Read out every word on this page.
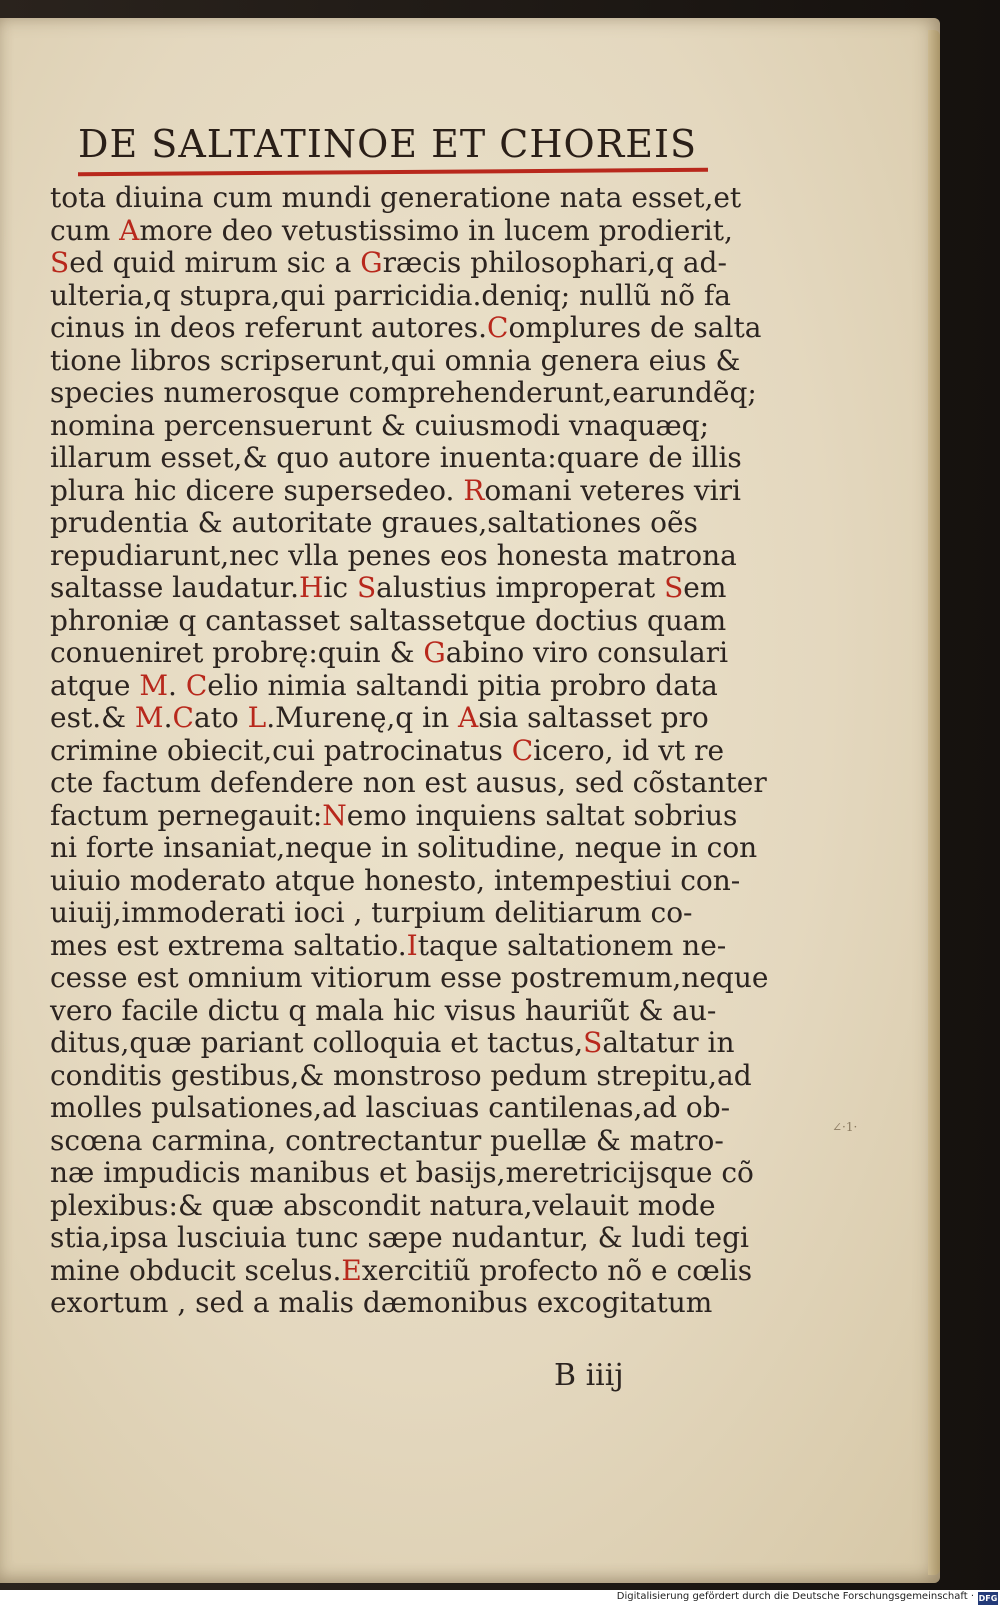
DE SALTATINOE ET CHOREIS
tota diuina cum mundi generatione nata esset,et
cum Amore deo vetustissimo in lucem prodierit,
Sed quid mirum sic a Græcis philosophari,q ad-
ulteria,q stupra,qui parricidia.deniq; nullũ nõ fa
cinus in deos referunt autores.Complures de salta
tione libros scripserunt,qui omnia genera eius &
species numerosque comprehenderunt,earundẽq;
nomina percensuerunt & cuiusmodi vnaquæq;
illarum esset,& quo autore inuenta:quare de illis
plura hic dicere supersedeo. Romani veteres viri
prudentia & autoritate graues,saltationes oẽs
repudiarunt,nec vlla penes eos honesta matrona
saltasse laudatur.Hic Salustius improperat Sem
phroniæ q cantasset saltassetque doctius quam
conueniret probrę:quin & Gabino viro consulari
atque M. Celio nimia saltandi pitia probro data
est.& M.Cato L.Murenę,q in Asia saltasset pro
crimine obiecit,cui patrocinatus Cicero, id vt re
cte factum defendere non est ausus, sed cõstanter
factum pernegauit:Nemo inquiens saltat sobrius
ni forte insaniat,neque in solitudine, neque in con
uiuio moderato atque honesto, intempestiui con-
uiuij,immoderati ioci , turpium delitiarum co-
mes est extrema saltatio.Itaque saltationem ne-
cesse est omnium vitiorum esse postremum,neque
vero facile dictu q mala hic visus hauriũt & au-
ditus,quæ pariant colloquia et tactus,Saltatur in
conditis gestibus,& monstroso pedum strepitu,ad
molles pulsationes,ad lasciuas cantilenas,ad ob-
scœna carmina, contrectantur puellæ & matro-
næ impudicis manibus et basijs,meretricijsque cõ
plexibus:& quæ abscondit natura,velauit mode
stia,ipsa lusciuia tunc sæpe nudantur, & ludi tegi
mine obducit scelus.Exercitiũ profecto nõ e cœlis
exortum , sed a malis dæmonibus excogitatum
∠·1·
B iiij
Digitalisierung gefördert durch die Deutsche Forschungsgemeinschaft · DFG
